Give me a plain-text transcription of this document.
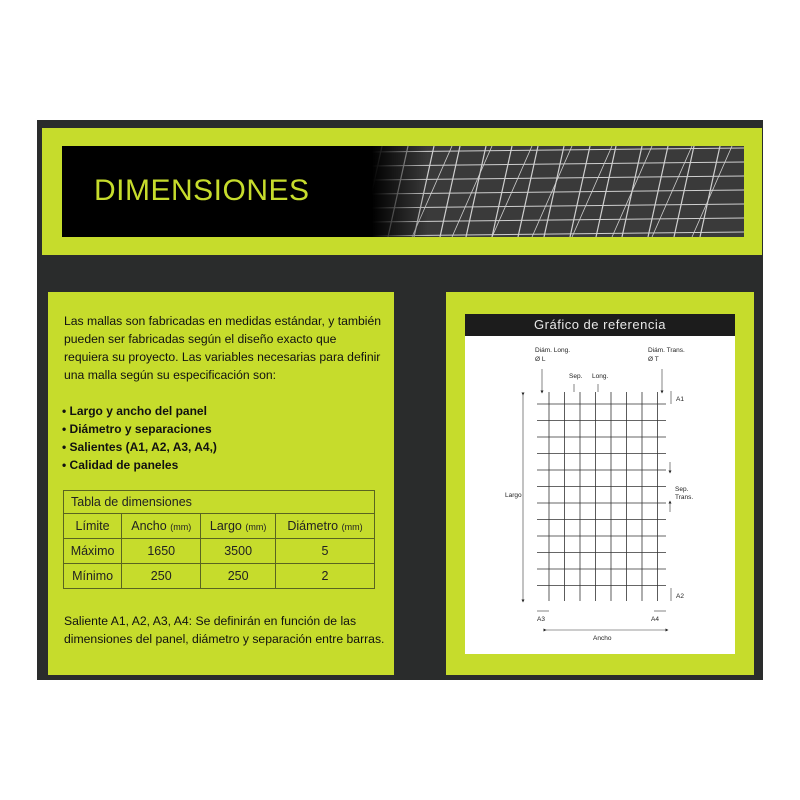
DIMENSIONES
Las mallas son fabricadas en medidas estándar, y también pueden ser fabricadas según el diseño exacto que requiera su proyecto. Las variables necesarias para definir una malla según su especificación son:
• Largo y ancho del panel
• Diámetro y separaciones
• Salientes (A1, A2, A3, A4,)
• Calidad de paneles
Tabla de dimensiones			
Límite	Ancho (mm)	Largo (mm)	Diámetro (mm)
Máximo	1650	3500	5
Mínimo	250	250	2
Saliente A1, A2, A3, A4: Se definirán en función de las dimensiones del panel, diámetro y separación entre barras.
Gráfico de referencia
Diám. Long.
Ø L
Diám. Trans.
Ø T
Sep. Long.
A1
A2
A3	A4
Largo
Ancho
Sep.
Trans.
